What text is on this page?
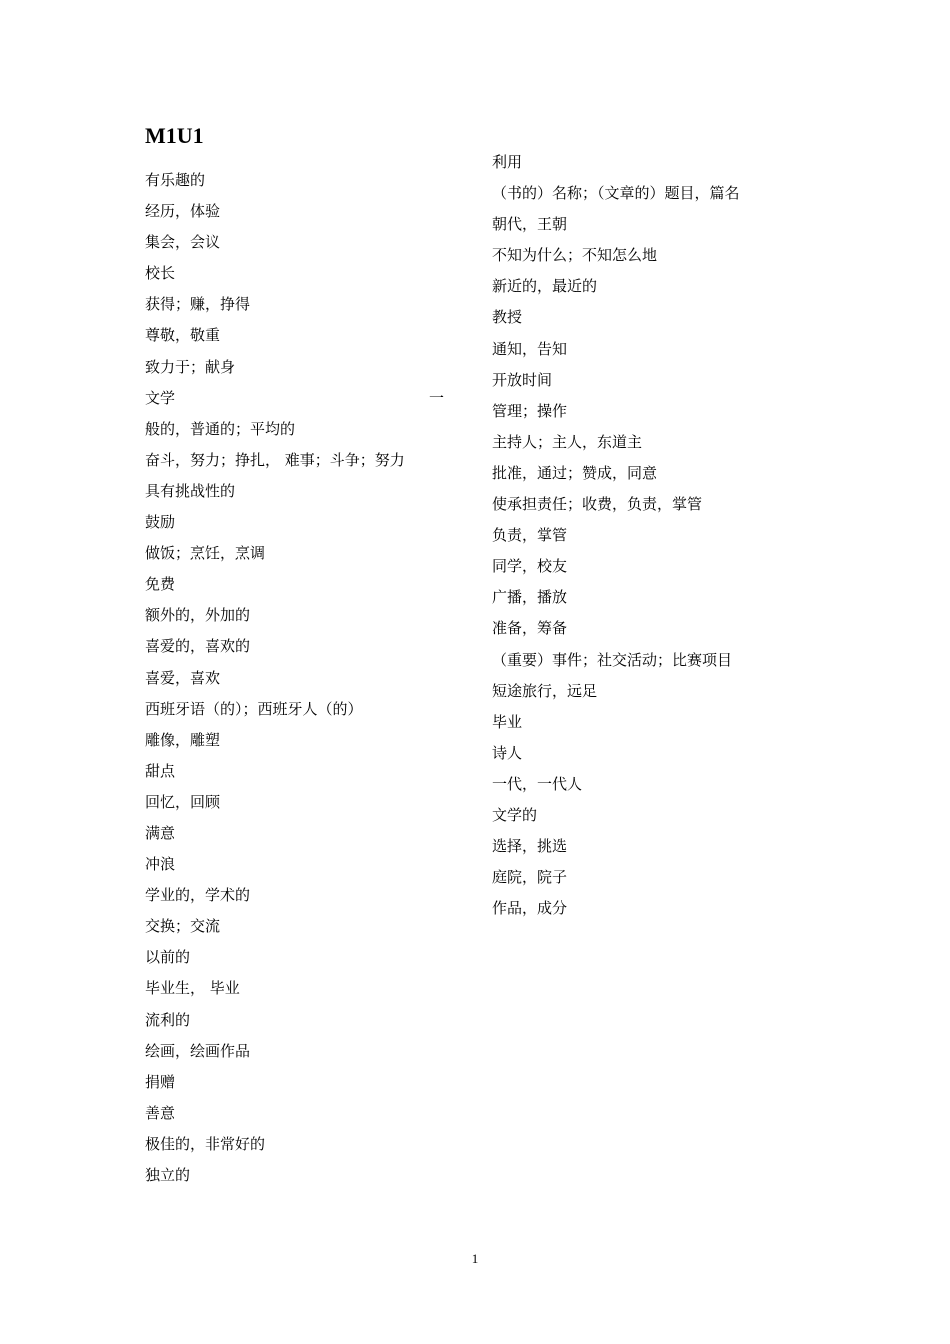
M1U1
有乐趣的
经历，体验
集会，会议
校长
获得；赚，挣得
尊敬，敬重
致力于；献身
文学	一
般的，普通的；平均的
奋斗，努力；挣扎， 难事；斗争；努力
具有挑战性的
鼓励
做饭；烹饪，烹调
免费
额外的，外加的
喜爱的，喜欢的
喜爱，喜欢
西班牙语（的）；西班牙人（的）
雕像，雕塑
甜点
回忆，回顾
满意
冲浪
学业的，学术的
交换；交流
以前的
毕业生， 毕业
流利的
绘画，绘画作品
捐赠
善意
极佳的，非常好的
独立的
利用
（书的）名称；（文章的）题目，篇名
朝代，王朝
不知为什么；不知怎么地
新近的，最近的
教授
通知，告知
开放时间
管理；操作
主持人；主人，东道主
批准，通过；赞成，同意
使承担责任；收费，负责，掌管
负责，掌管
同学，校友
广播，播放
准备，筹备
（重要）事件；社交活动；比赛项目
短途旅行，远足
毕业
诗人
一代，一代人
文学的
选择，挑选
庭院，院子
作品，成分
1
